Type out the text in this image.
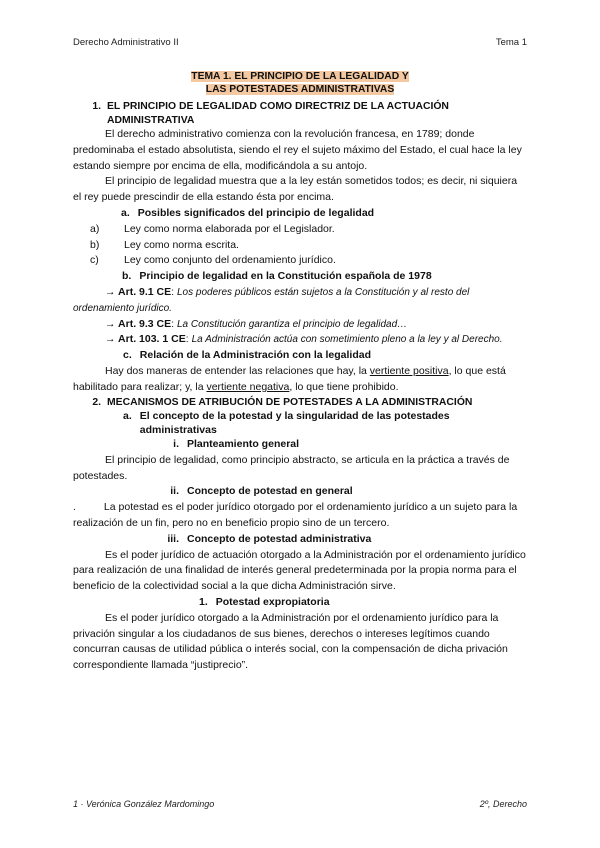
Derecho Administrativo II	Tema 1
TEMA 1. EL PRINCIPIO DE LA LEGALIDAD Y
LAS POTESTADES ADMINISTRATIVAS
1. EL PRINCIPIO DE LEGALIDAD COMO DIRECTRIZ DE LA ACTUACIÓN ADMINISTRATIVA

El derecho administrativo comienza con la revolución francesa, en 1789; donde predominaba el estado absolutista, siendo el rey el sujeto máximo del Estado, el cual hace la ley estando siempre por encima de ella, modificándola a su antojo.

El principio de legalidad muestra que a la ley están sometidos todos; es decir, ni siquiera el rey puede prescindir de ella estando ésta por encima.

a. Posibles significados del principio de legalidad
a)	Ley como norma elaborada por el Legislador.
b)	Ley como norma escrita.
c)	Ley como conjunto del ordenamiento jurídico.
b. Principio de legalidad en la Constitución española de 1978

→ Art. 9.1 CE: Los poderes públicos están sujetos a la Constitución y al resto del ordenamiento jurídico.

→ Art. 9.3 CE: La Constitución garantiza el principio de legalidad…

→ Art. 103. 1 CE: La Administración actúa con sometimiento pleno a la ley y al Derecho.

c. Relación de la Administración con la legalidad

Hay dos maneras de entender las relaciones que hay, la vertiente positiva, lo que está habilitado para realizar; y, la vertiente negativa, lo que tiene prohibido.

2. MECANISMOS DE ATRIBUCIÓN DE POTESTADES A LA ADMINISTRACIÓN
a. El concepto de la potestad y la singularidad de las potestades administrativas
i. Planteamiento general

El principio de legalidad, como principio abstracto, se articula en la práctica a través de potestades.

ii. Concepto de potestad en general

.	La potestad es el poder jurídico otorgado por el ordenamiento jurídico a un sujeto para la realización de un fin, pero no en beneficio propio sino de un tercero.

iii. Concepto de potestad administrativa

Es el poder jurídico de actuación otorgado a la Administración por el ordenamiento jurídico para realización de una finalidad de interés general predeterminada por la propia norma para el beneficio de la colectividad social a la que dicha Administración sirve.

1. Potestad expropiatoria

Es el poder jurídico otorgado a la Administración por el ordenamiento jurídico para la privación singular a los ciudadanos de sus bienes, derechos o intereses legítimos cuando concurran causas de utilidad pública o interés social, con la compensación de dicha privación correspondiente llamada “justiprecio”.

1 · Verónica González Mardomingo	2º, Derecho
